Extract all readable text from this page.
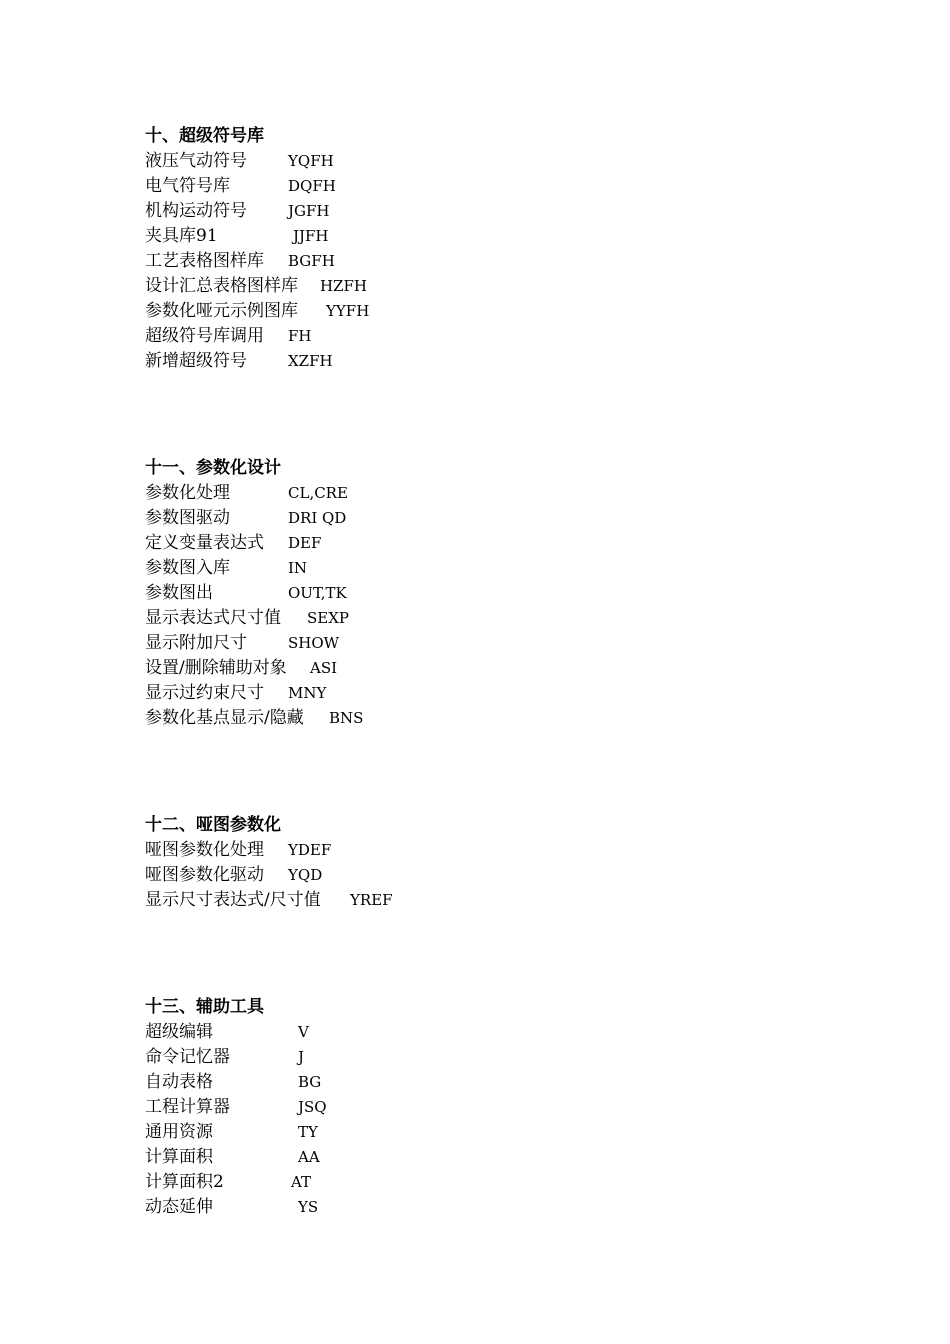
十、超级符号库
液压气动符号	YQFH
电气符号库	DQFH
机构运动符号	JGFH
夹具库91	JJFH
工艺表格图样库 BGFH
设计汇总表格图样库 HZFH
参数化哑元示例图库 YYFH
超级符号库调用 FH
新增超级符号	XZFH
十一、参数化设计
参数化处理	CL,CRE
参数图驱动	DRI QD
定义变量表达式 DEF
参数图入库	IN
参数图出	OUT,TK
显示表达式尺寸值 SEXP
显示附加尺寸	SHOW
设置/删除辅助对象 ASI
显示过约束尺寸 MNY
参数化基点显示/隐藏 BNS
十二、哑图参数化
哑图参数化处理 YDEF
哑图参数化驱动 YQD
显示尺寸表达式/尺寸值 YREF
十三、辅助工具
超级编辑	V
命令记忆器	J
自动表格	BG
工程计算器	JSQ
通用资源	TY
计算面积	AA
计算面积2	AT
动态延伸	YS
